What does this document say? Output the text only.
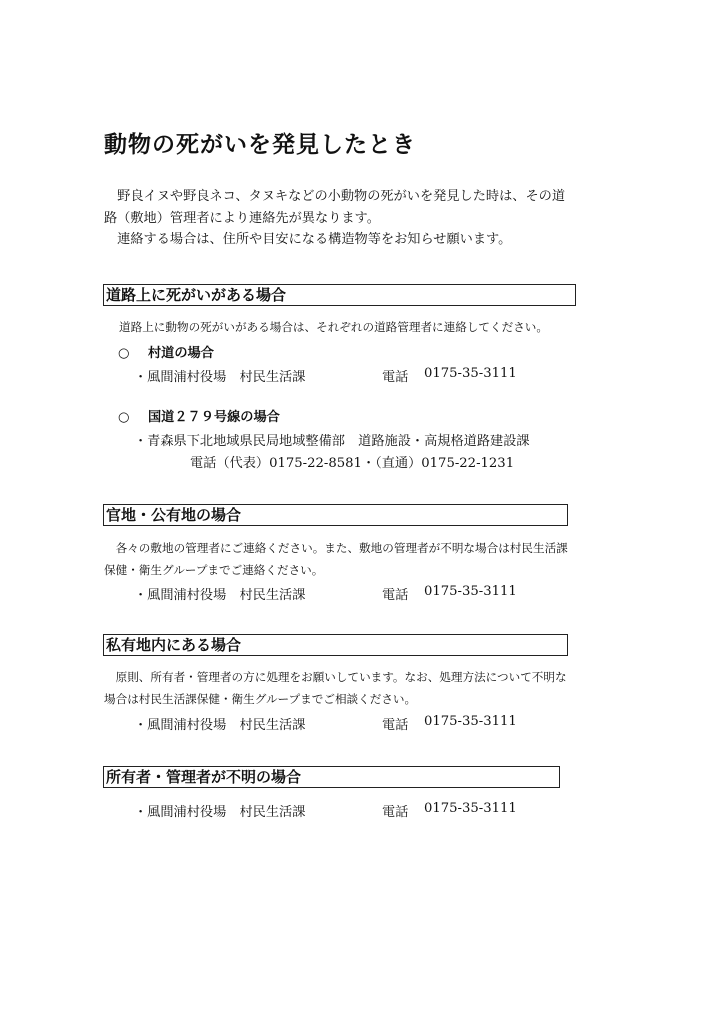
動物の死がいを発見したとき
　野良イヌや野良ネコ、タヌキなどの小動物の死がいを発見した時は、その道
路（敷地）管理者により連絡先が異なります。
　連絡する場合は、住所や目安になる構造物等をお知らせ願います。
道路上に死がいがある場合
道路上に動物の死がいがある場合は、それぞれの道路管理者に連絡してください。
○ 村道の場合
・風間浦村役場　村民生活課	電話 0175-35-3111
○ 国道２７９号線の場合
・青森県下北地域県民局地域整備部　道路施設・高規格道路建設課
電話（代表）0175-22-8581・（直通）0175-22-1231
官地・公有地の場合
　各々の敷地の管理者にご連絡ください。また、敷地の管理者が不明な場合は村民生活課
保健・衛生グループまでご連絡ください。
・風間浦村役場　村民生活課	電話 0175-35-3111
私有地内にある場合
　原則、所有者・管理者の方に処理をお願いしています。なお、処理方法について不明な
場合は村民生活課保健・衛生グループまでご相談ください。
・風間浦村役場　村民生活課	電話 0175-35-3111
所有者・管理者が不明の場合
・風間浦村役場　村民生活課	電話 0175-35-3111
